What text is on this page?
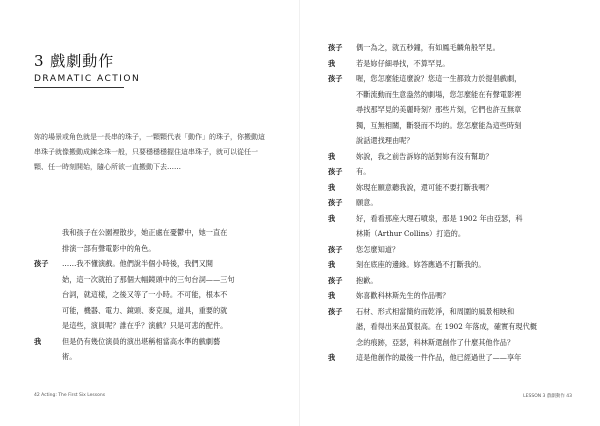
3 戲劇動作
DRAMATIC ACTION

妳的場景或角色就是一長串的珠子，一顆顆代表「動作」的珠子，你搬動這串珠子就像搬動成鍊念珠一般，只要穩穩穩握住這串珠子，就可以從任一顆、任一時刻開始，隨心所欲一直搬動下去……

我和孩子在公園裡散步，她正處在憂鬱中，她一直在

排演一部有聲電影中的角色。

孩子	……我不懂演戲。他們說半個小時後，我們又開
始，這一次就拍了那個大幅鏡頭中的三句台詞——三句
台詞，就這樣，之後又等了一小時。不可能，根本不
可能，機器、電力、鏡頭、麥克風，道具，重要的就
是這些，演員呢？誰在乎？演戲？只是可悲的配件。
我	但是仍有幾位演員的演出堪稱相當高水準的戲劇藝
術。
42 Acting: The First Six Lessons
孩子	偶一為之，就五秒鐘，有如鳳毛麟角般罕見。
我	若是妳仔細尋找，不算罕見。
孩子	喔，您怎麼能這麼說？您這一生都致力於提倡戲劇，
不斷流動而生意盎然的劇場，您怎麼能在有聲電影裡
尋找那罕見的美麗時刻？那些片刻，它們也許互無章
獨，互無相關，斷裂而不均的。您怎麼能為這些時刻
說話還找理由呢？
我	妳說，我之前告訴妳的話對妳有沒有幫助？
孩子	有。
我	妳現在願意聽我說，還可能不要打斷我嗎？
孩子	願意。
我	好，看看那座大理石噴泉，那是 1902 年由亞瑟，科
林斯（Arthur Collins）打造的。
孩子	您怎麼知道？
我	刻在底座的邊緣。妳答應過不打斷我的。
孩子	抱歉。
我	妳喜歡科林斯先生的作品嗎？
孩子	石材、形式相當簡約而乾淨，和周圍的風景相映和
諧，看得出來品質很高。在 1902 年落成，確實有現代概
念的痕跡，亞瑟，科林斯還創作了什麼其他作品？
我	這是他創作的最後一件作品，他已經過世了——享年
LESSON 3 戲劇動作 43
